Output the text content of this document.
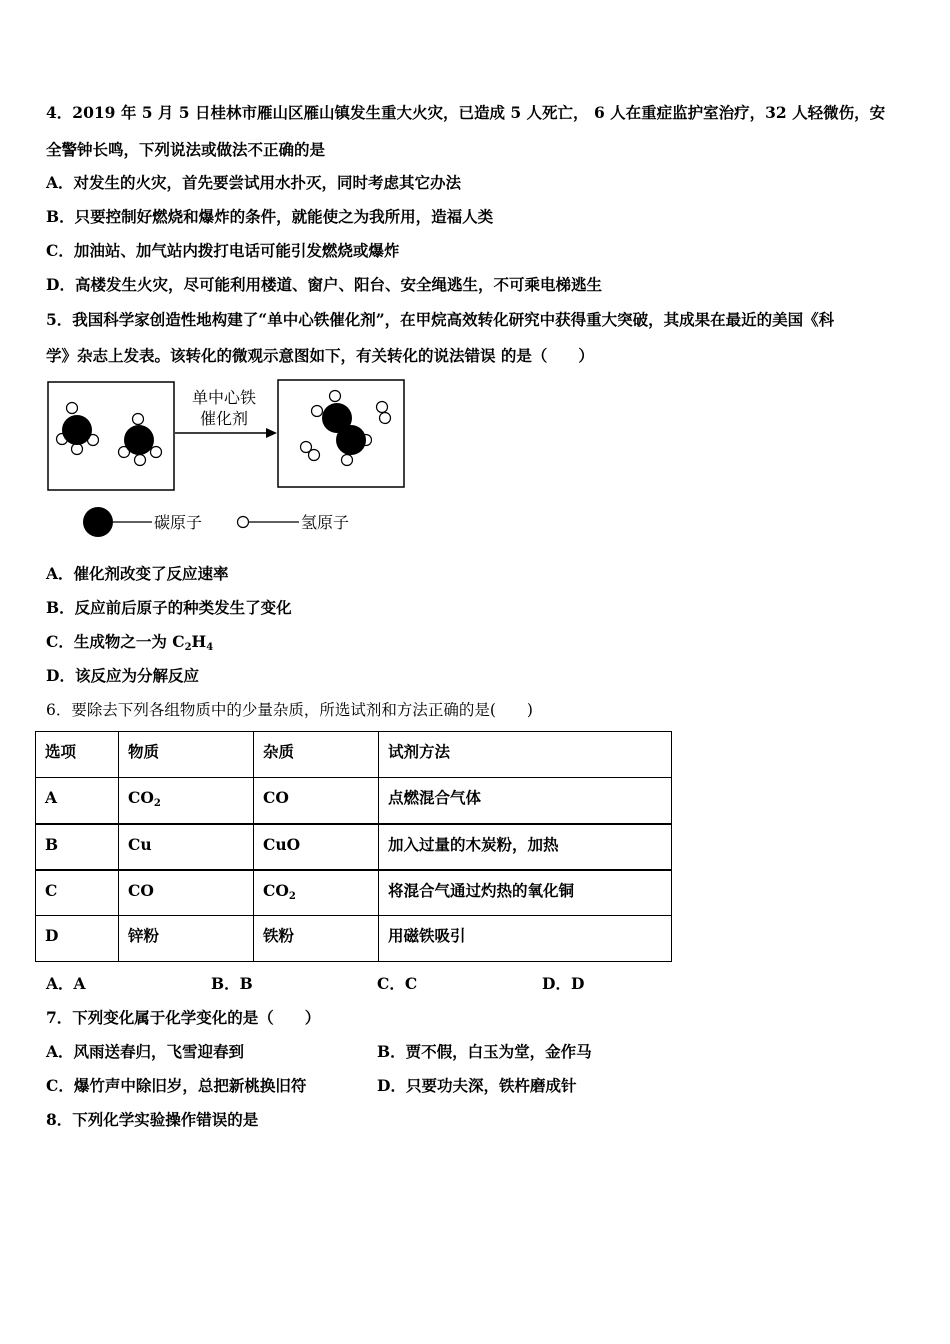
4．2019 年 5 月 5 日桂林市雁山区雁山镇发生重大火灾，已造成 5 人死亡， 6 人在重症监护室治疗，32 人轻微伤，安
全警钟长鸣，下列说法或做法不正确的是
A．对发生的火灾，首先要尝试用水扑灭，同时考虑其它办法
B．只要控制好燃烧和爆炸的条件，就能使之为我所用，造福人类
C．加油站、加气站内拨打电话可能引发燃烧或爆炸
D．高楼发生火灾，尽可能利用楼道、窗户、阳台、安全绳逃生，不可乘电梯逃生
5．我国科学家创造性地构建了“单中心铁催化剂”，在甲烷高效转化研究中获得重大突破，其成果在最近的美国《科
学》杂志上发表。该转化的微观示意图如下，有关转化的说法错误 的是（　　）
单中心铁
催化剂
碳原子	氢原子
A．催化剂改变了反应速率
B．反应前后原子的种类发生了变化
C．生成物之一为 $C_2H_4$
D．该反应为分解反应
6．要除去下列各组物质中的少量杂质，所选试剂和方法正确的是(　　)
选项	物质	杂质	试剂方法
A	$CO_2$	CO	点燃混合气体
B	Cu	CuO	加入过量的木炭粉，加热
C	CO	$CO_2$	将混合气通过灼热的氧化铜
D	锌粉	铁粉	用磁铁吸引
A．A	B．B	C．C	D．D
7．下列变化属于化学变化的是（　　）
A．风雨送春归，飞雪迎春到	B．贾不假，白玉为堂，金作马
C．爆竹声中除旧岁，总把新桃换旧符	D．只要功夫深，铁杵磨成针
8．下列化学实验操作错误的是
